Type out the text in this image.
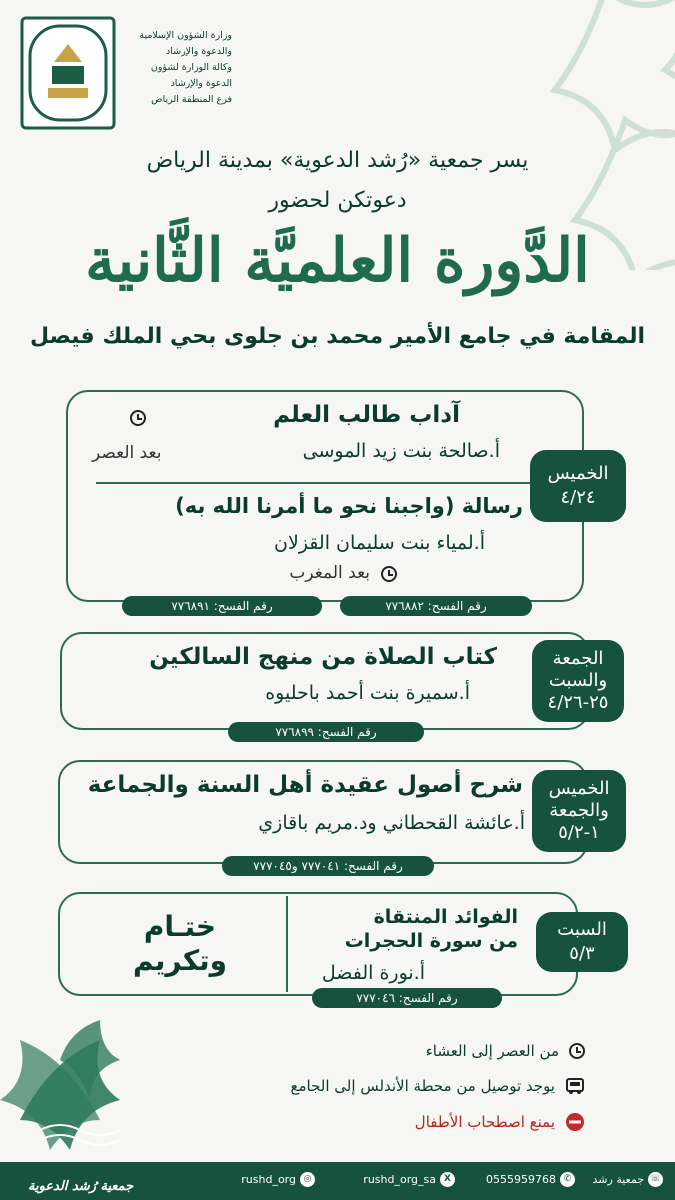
وزارة الشؤون الإسلامية
والدعوة والإرشاد
وكالة الوزارة لشؤون
الدعوة والإرشاد
فرع المنطقة الرياض
يسر جمعية «رُشد الدعوية» بمدينة الرياض
دعوتكن لحضور
الدَّورة العلميَّة الثَّانية
المقامة في جامع الأمير محمد بن جلوى بحي الملك فيصل
الخميس
٤/٢٤
آداب طالب العلم
أ.صالحة بنت زيد الموسى
بعد العصر
رسالة (واجبنا نحو ما أمرنا الله به)
أ.لمياء بنت سليمان القزلان
بعد المغرب
رقم الفسح: ٧٧٦٨٨٢
رقم الفسح: ٧٧٦٨٩١
الجمعة
والسبت
٢٥-٤/٢٦
كتاب الصلاة من منهج السالكين
أ.سميرة بنت أحمد باحليوه
رقم الفسح: ٧٧٦٨٩٩
الخميس
والجمعة
١-٥/٢
شرح أصول عقيدة أهل السنة والجماعة
أ.عائشة القحطاني ود.مريم باقازي
رقم الفسح: ٧٧٧٠٤١ و٧٧٧٠٤٥
السبت
٥/٣
الفوائد المنتقاة
من سورة الحجرات
أ.نورة الفضل
ختـام
وتكريم
رقم الفسح: ٧٧٧٠٤٦
من العصر إلى العشاء
يوجد توصيل من محطة الأندلس إلى الجامع
يمنع اصطحاب الأطفال
☏
جمعية رشد
✆
0555959768
X
rushd_org_sa
◎
rushd_org
جمعية رُشد الدعوية
